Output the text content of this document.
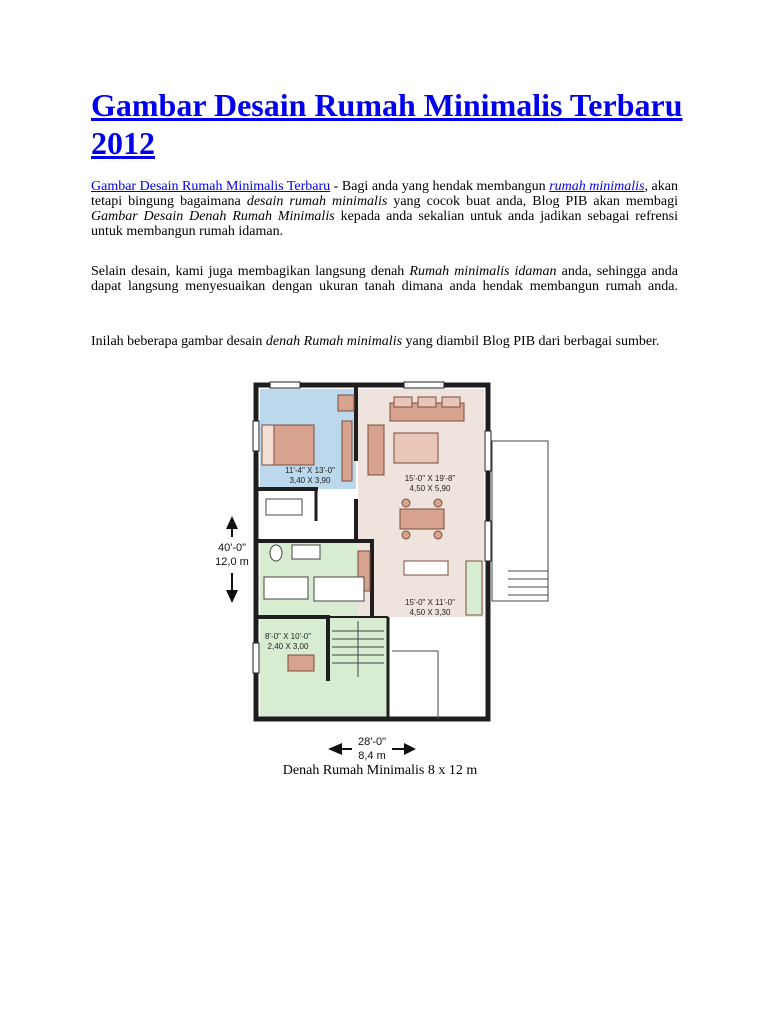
Gambar Desain Rumah Minimalis Terbaru 2012

Gambar Desain Rumah Minimalis Terbaru - Bagi anda yang hendak membangun rumah minimalis, akan tetapi bingung bagaimana desain rumah minimalis yang cocok buat anda, Blog PIB akan membagi Gambar Desain Denah Rumah Minimalis kepada anda sekalian untuk anda jadikan sebagai refrensi untuk membangun rumah idaman.

Selain desain, kami juga membagikan langsung denah Rumah minimalis idaman anda, sehingga anda dapat langsung menyesuaikan dengan ukuran tanah dimana anda hendak membangun rumah anda.

Inilah beberapa gambar desain denah Rumah minimalis yang diambil Blog PIB dari berbagai sumber.

11'-4" X 13'-0"
3,40 X 3,90	15'-0" X 19'-8"
4,50 X 5,90
15'-0" X 11'-0"
4,50 X 3,30
8'-0" X 10'-0"
2,40 X 3,00
40'-0"
12,0 m
28'-0"
8,4 m
Denah Rumah Minimalis 8 x 12 m
